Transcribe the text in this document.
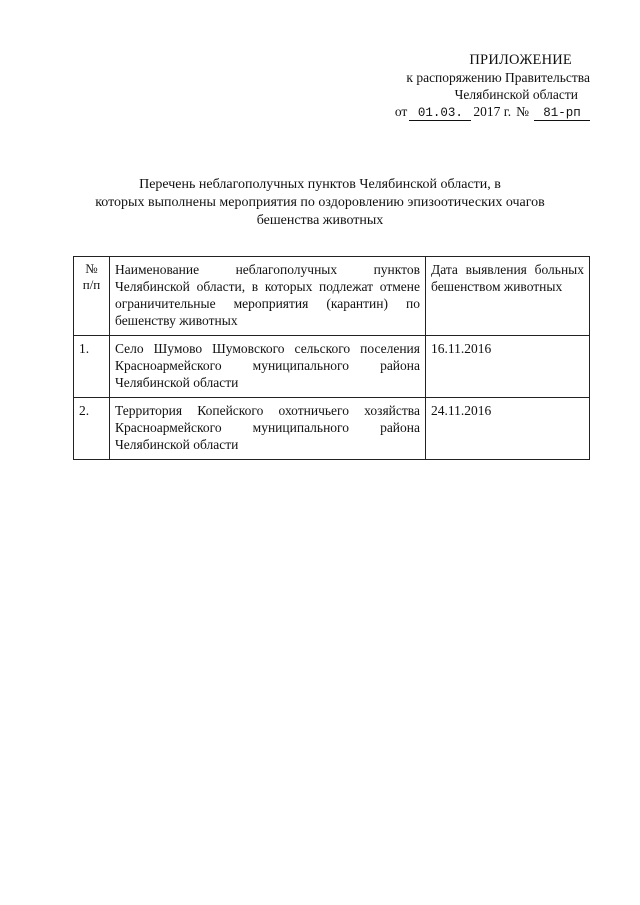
ПРИЛОЖЕНИЕ
к распоряжению Правительства
Челябинской области
от 01.03. 2017 г. №	81-рп
Перечень неблагополучных пунктов Челябинской области, в
которых выполнены мероприятия по оздоровлению эпизоотических очагов
бешенства животных
№
п/п	Наименование неблагополучных пунктов Челябинской области, в которых подлежат отмене ограничительные мероприятия (карантин) по бешенству животных	Дата выявления больных бешенством животных
1.	Село Шумово Шумовского сельского поселения Красноармейского муниципального района Челябинской области	16.11.2016
2.	Территория Копейского охотничьего хозяйства Красноармейского муниципального района Челябинской области	24.11.2016
